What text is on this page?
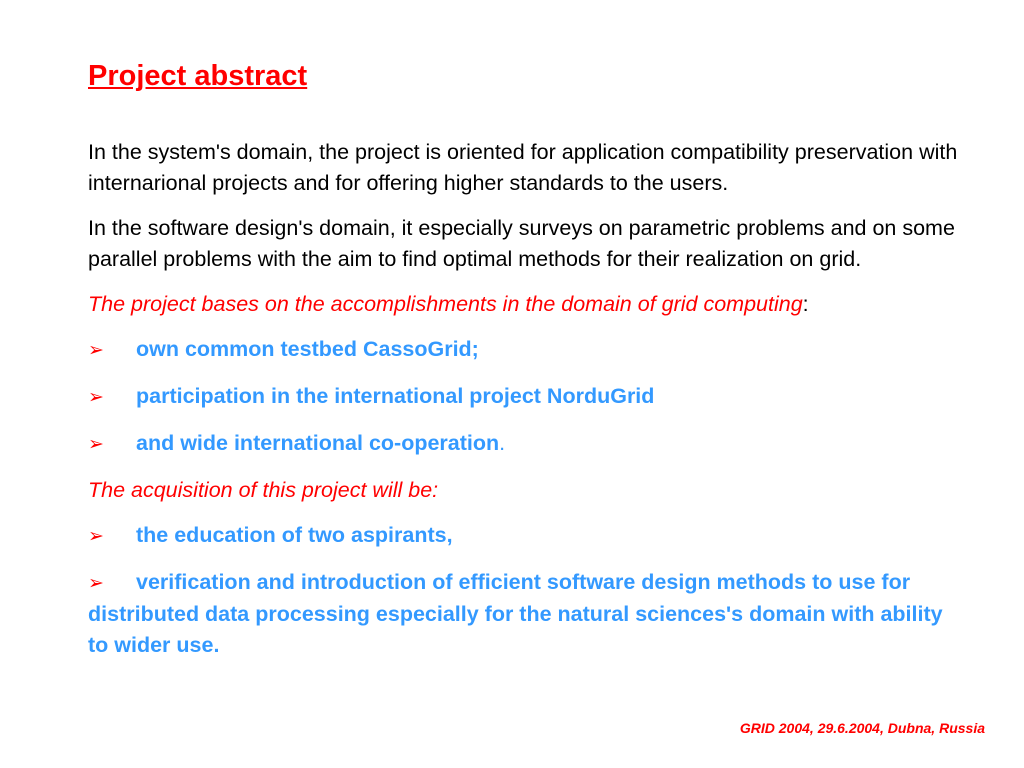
Project abstract

In the system's domain, the project is oriented for application compatibility preservation with internarional projects and for offering higher standards to the users.

In the software design's domain, it especially surveys on parametric problems and on some parallel problems with the aim to find optimal methods for their realization on grid.

The project bases on the accomplishments in the domain of grid computing:

➢ own common testbed CassoGrid;
➢ participation in the international project NorduGrid
➢ and wide international co-operation.

The acquisition of this project will be:

➢ the education of two aspirants,
➢ verification and introduction of efficient software design methods to use for distributed data processing especially for the natural sciences's domain with ability to wider use.
GRID 2004, 29.6.2004, Dubna, Russia
